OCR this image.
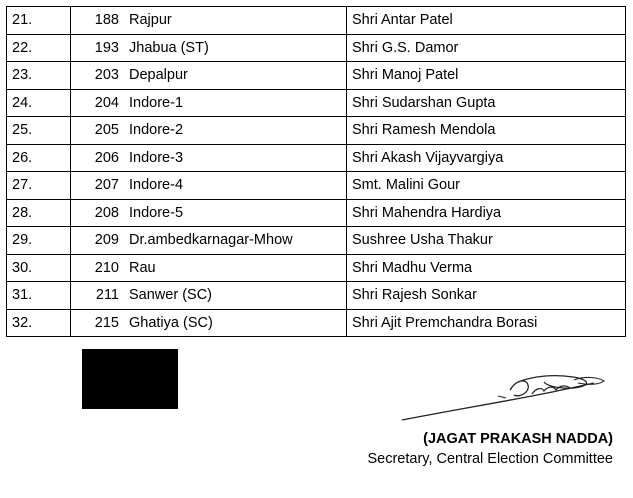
21.	188	Rajpur	Shri Antar Patel
22.	193	Jhabua (ST)	Shri G.S. Damor
23.	203	Depalpur	Shri Manoj Patel
24.	204	Indore-1	Shri Sudarshan Gupta
25.	205	Indore-2	Shri Ramesh Mendola
26.	206	Indore-3	Shri Akash Vijayvargiya
27.	207	Indore-4	Smt. Malini Gour
28.	208	Indore-5	Shri Mahendra Hardiya
29.	209	Dr.ambedkarnagar-Mhow	Sushree Usha Thakur
30.	210	Rau	Shri Madhu Verma
31.	211	Sanwer (SC)	Shri Rajesh Sonkar
32.	215	Ghatiya (SC)	Shri Ajit Premchandra Borasi
(JAGAT PRAKASH NADDA)
Secretary, Central Election Committee
